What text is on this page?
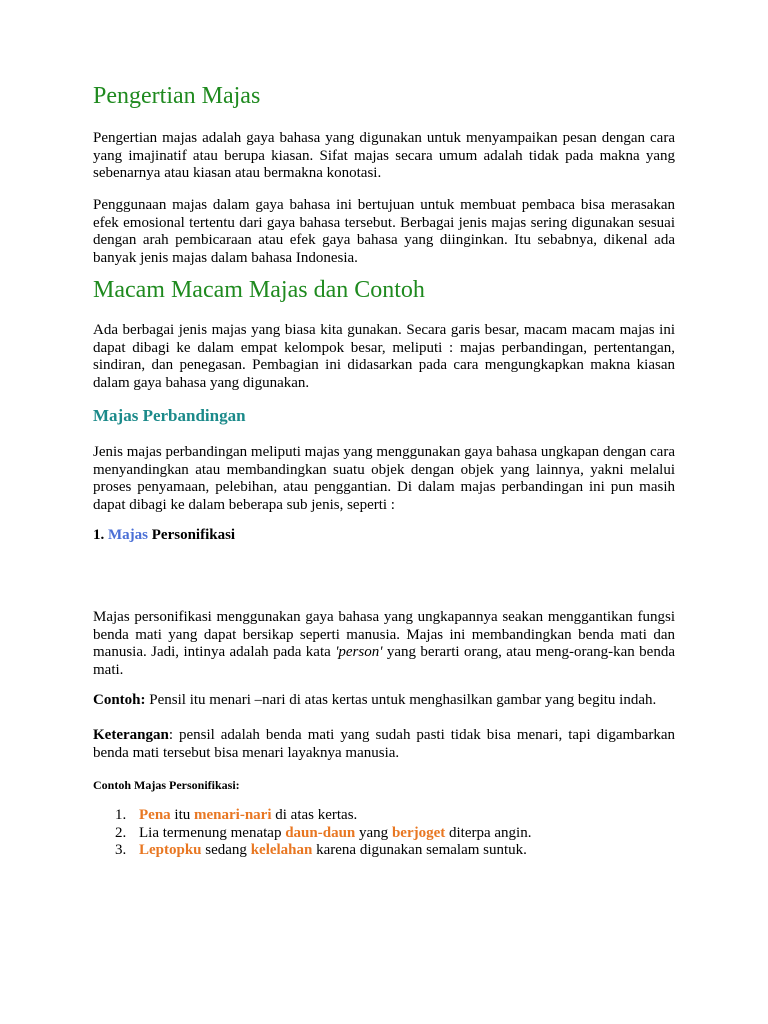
Pengertian Majas

Pengertian majas adalah gaya bahasa yang digunakan untuk menyampaikan pesan dengan cara yang imajinatif atau berupa kiasan. Sifat majas secara umum adalah tidak pada makna yang sebenarnya atau kiasan atau bermakna konotasi.

Penggunaan majas dalam gaya bahasa ini bertujuan untuk membuat pembaca bisa merasakan efek emosional tertentu dari gaya bahasa tersebut. Berbagai jenis majas sering digunakan sesuai dengan arah pembicaraan atau efek gaya bahasa yang diinginkan. Itu sebabnya, dikenal ada banyak jenis majas dalam bahasa Indonesia.

Macam Macam Majas dan Contoh

Ada berbagai jenis majas yang biasa kita gunakan. Secara garis besar, macam macam majas ini dapat dibagi ke dalam empat kelompok besar, meliputi : majas perbandingan, pertentangan, sindiran, dan penegasan. Pembagian ini didasarkan pada cara mengungkapkan makna kiasan dalam gaya bahasa yang digunakan.

Majas Perbandingan

Jenis majas perbandingan meliputi majas yang menggunakan gaya bahasa ungkapan dengan cara menyandingkan atau membandingkan suatu objek dengan objek yang lainnya, yakni melalui proses penyamaan, pelebihan, atau penggantian. Di dalam majas perbandingan ini pun masih dapat dibagi ke dalam beberapa sub jenis, seperti :

1. Majas Personifikasi

Majas personifikasi menggunakan gaya bahasa yang ungkapannya seakan menggantikan fungsi benda mati yang dapat bersikap seperti manusia. Majas ini membandingkan benda mati dan manusia. Jadi, intinya adalah pada kata 'person' yang berarti orang, atau meng-orang-kan benda mati.

Contoh: Pensil itu menari –nari di atas kertas untuk menghasilkan gambar yang begitu indah.

Keterangan: pensil adalah benda mati yang sudah pasti tidak bisa menari, tapi digambarkan benda mati tersebut bisa menari layaknya manusia.

Contoh Majas Personifikasi:

1. Pena itu menari-nari di atas kertas.
2. Lia termenung menatap daun-daun yang berjoget diterpa angin.
3. Leptopku sedang kelelahan karena digunakan semalam suntuk.
